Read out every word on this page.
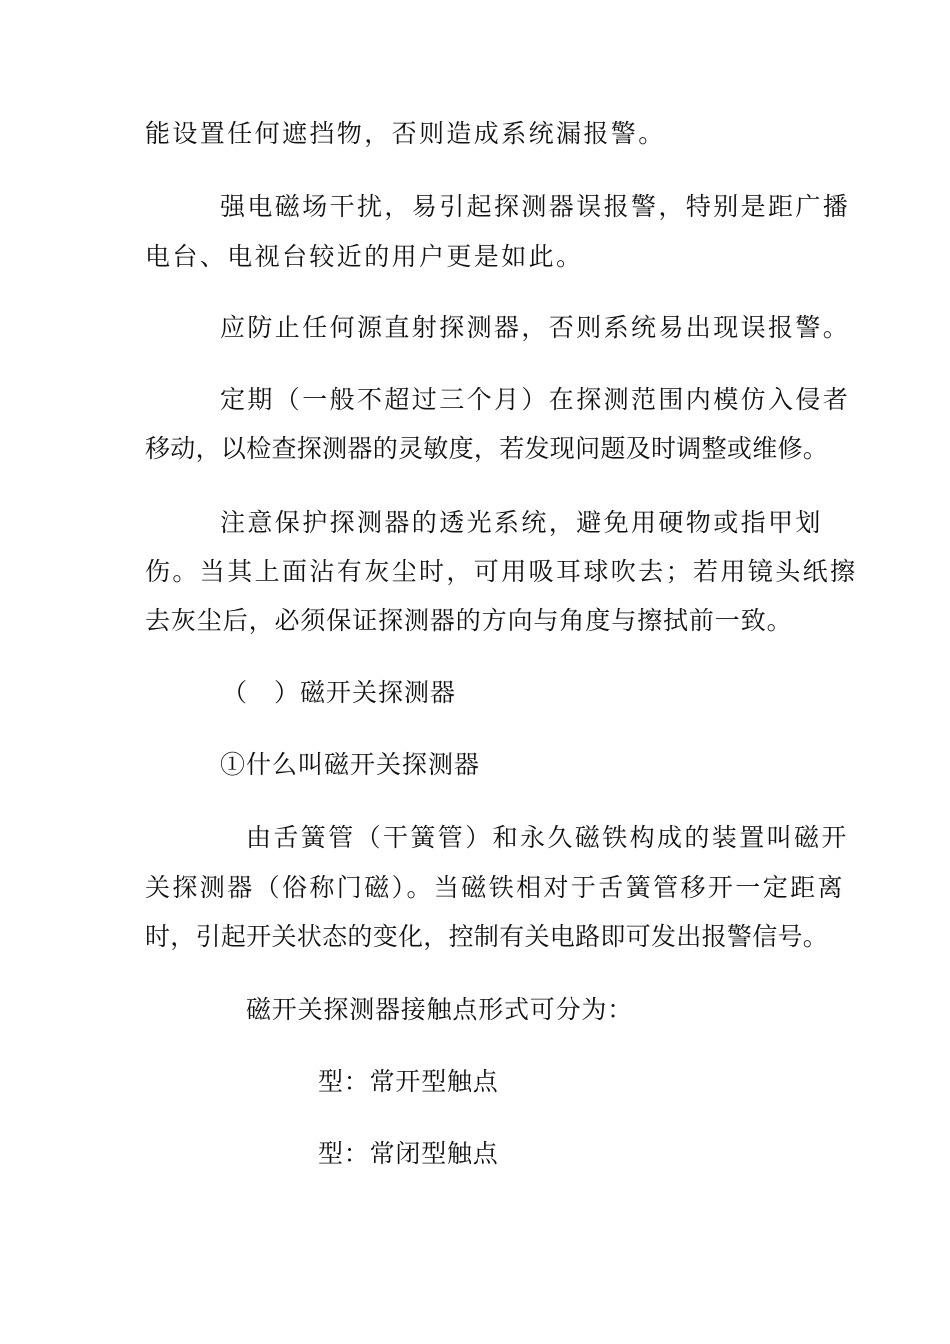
能设置任何遮挡物，否则造成系统漏报警。
强电磁场干扰，易引起探测器误报警，特别是距广播
电台、电视台较近的用户更是如此。
应防止任何源直射探测器，否则系统易出现误报警。
定期（一般不超过三个月）在探测范围内模仿入侵者
移动，以检查探测器的灵敏度，若发现问题及时调整或维修。
注意保护探测器的透光系统，避免用硬物或指甲划
伤。当其上面沾有灰尘时，可用吸耳球吹去；若用镜头纸擦
去灰尘后，必须保证探测器的方向与角度与擦拭前一致。
（　）磁开关探测器
①什么叫磁开关探测器
由舌簧管（干簧管）和永久磁铁构成的装置叫磁开
关探测器（俗称门磁）。当磁铁相对于舌簧管移开一定距离
时，引起开关状态的变化，控制有关电路即可发出报警信号。
磁开关探测器接触点形式可分为：
型：常开型触点
型：常闭型触点
